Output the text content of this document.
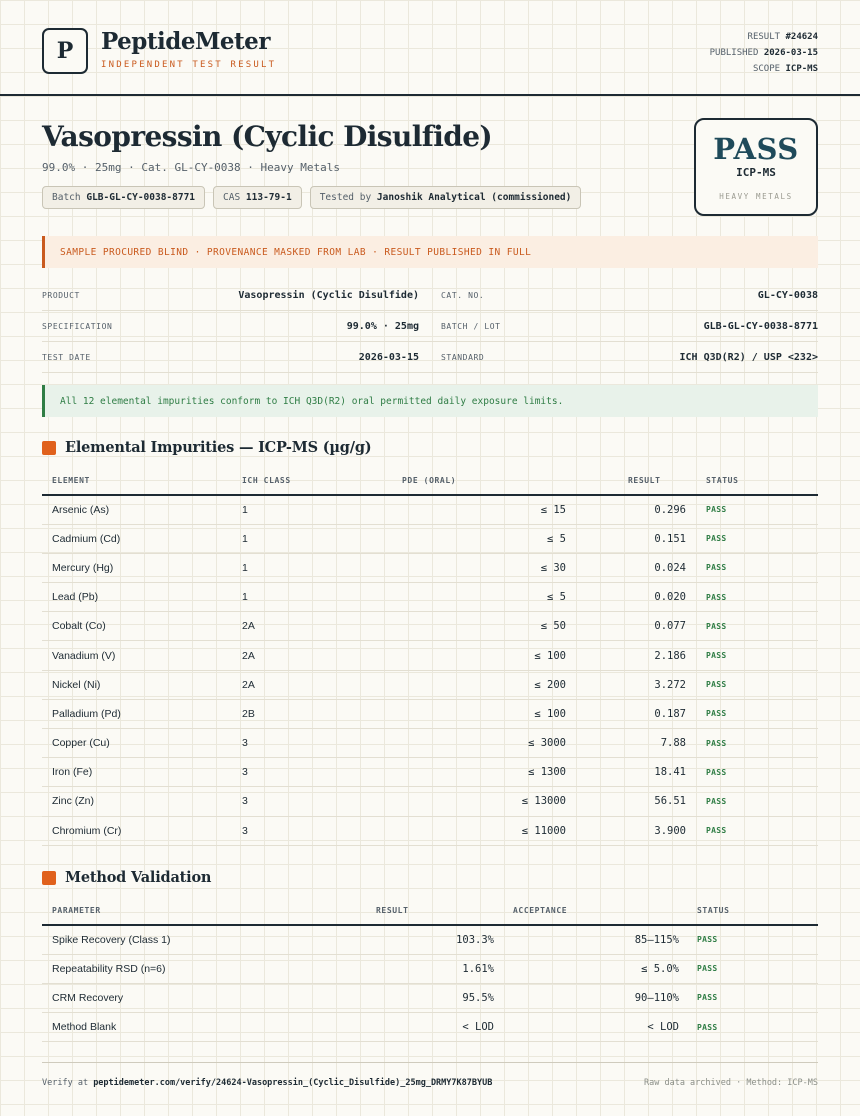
P PeptideMeter
INDEPENDENT TEST RESULT
RESULT #24624
PUBLISHED 2026-03-15
SCOPE ICP-MS
Vasopressin (Cyclic Disulfide)
99.0% · 25mg · Cat. GL-CY-0038 · Heavy Metals
Batch GLB-GL-CY-0038-8771	CAS 113-79-1	Tested by Janoshik Analytical (commissioned)
PASS
ICP-MS
HEAVY METALS
SAMPLE PROCURED BLIND · PROVENANCE MASKED FROM LAB · RESULT PUBLISHED IN FULL
PRODUCT	Vasopressin (Cyclic Disulfide)	CAT. NO.	GL-CY-0038
SPECIFICATION	99.0% · 25mg	BATCH / LOT	GLB-GL-CY-0038-8771
TEST DATE	2026-03-15	STANDARD	ICH Q3D(R2) / USP <232>
All 12 elemental impurities conform to ICH Q3D(R2) oral permitted daily exposure limits.
Elemental Impurities — ICP-MS (µg/g)
ELEMENT	ICH CLASS	PDE (ORAL)	RESULT	STATUS
Arsenic (As)	1	≤ 15	0.296	PASS
Cadmium (Cd)	1	≤ 5	0.151	PASS
Mercury (Hg)	1	≤ 30	0.024	PASS
Lead (Pb)	1	≤ 5	0.020	PASS
Cobalt (Co)	2A	≤ 50	0.077	PASS
Vanadium (V)	2A	≤ 100	2.186	PASS
Nickel (Ni)	2A	≤ 200	3.272	PASS
Palladium (Pd)	2B	≤ 100	0.187	PASS
Copper (Cu)	3	≤ 3000	7.88	PASS
Iron (Fe)	3	≤ 1300	18.41	PASS
Zinc (Zn)	3	≤ 13000	56.51	PASS
Chromium (Cr)	3	≤ 11000	3.900	PASS
Method Validation
PARAMETER	RESULT	ACCEPTANCE	STATUS
Spike Recovery (Class 1)	103.3%	85–115%	PASS
Repeatability RSD (n=6)	1.61%	≤ 5.0%	PASS
CRM Recovery	95.5%	90–110%	PASS
Method Blank	< LOD	< LOD	PASS
Verify at peptidemeter.com/verify/24624-Vasopressin_(Cyclic_Disulfide)_25mg_DRMY7K87BYUB	Raw data archived · Method: ICP-MS
